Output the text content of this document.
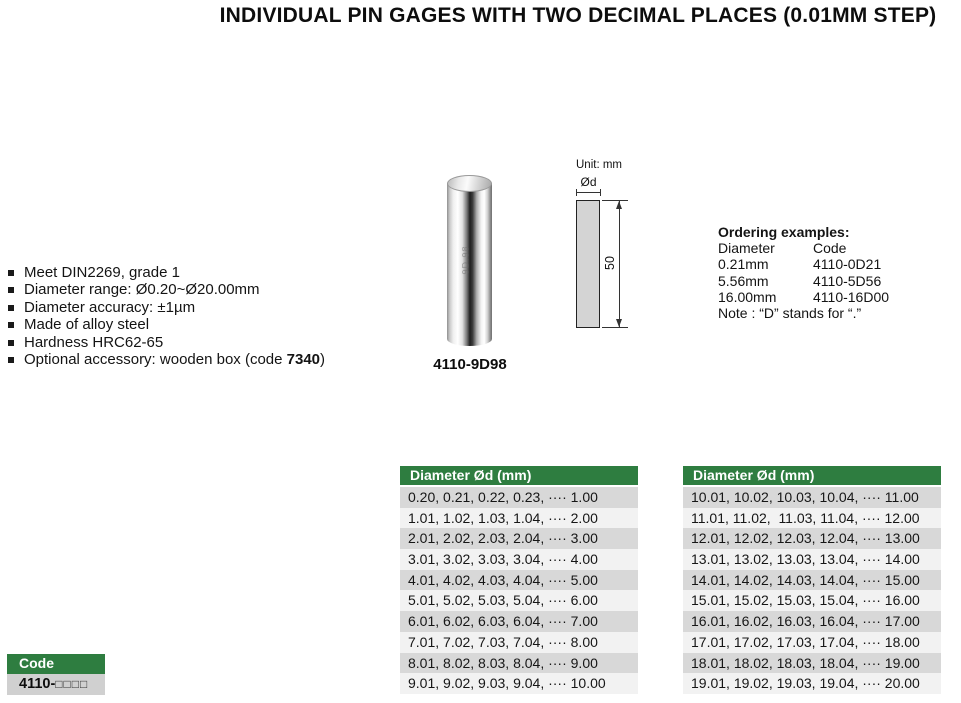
INDIVIDUAL PIN GAGES WITH TWO DECIMAL PLACES (0.01MM STEP)
Meet DIN2269, grade 1
Diameter range: Ø0.20~Ø20.00mm
Diameter accuracy: ±1µm
Made of alloy steel
Hardness HRC62-65
Optional accessory: wooden box (code 7340)
9D.98
4110-9D98
Unit: mm
Ød
50
Ordering examples:
Diameter	Code
0.21mm	4110-0D21
5.56mm	4110-5D56
16.00mm	4110-16D00
Note : “D” stands for “.”
Diameter Ød (mm)
0.20, 0.21, 0.22, 0.23, ···· 1.00
1.01, 1.02, 1.03, 1.04, ···· 2.00
2.01, 2.02, 2.03, 2.04, ···· 3.00
3.01, 3.02, 3.03, 3.04, ···· 4.00
4.01, 4.02, 4.03, 4.04, ···· 5.00
5.01, 5.02, 5.03, 5.04, ···· 6.00
6.01, 6.02, 6.03, 6.04, ···· 7.00
7.01, 7.02, 7.03, 7.04, ···· 8.00
8.01, 8.02, 8.03, 8.04, ···· 9.00
9.01, 9.02, 9.03, 9.04, ···· 10.00
Diameter Ød (mm)
10.01, 10.02, 10.03, 10.04, ···· 11.00
11.01, 11.02,  11.03, 11.04, ···· 12.00
12.01, 12.02, 12.03, 12.04, ···· 13.00
13.01, 13.02, 13.03, 13.04, ···· 14.00
14.01, 14.02, 14.03, 14.04, ···· 15.00
15.01, 15.02, 15.03, 15.04, ···· 16.00
16.01, 16.02, 16.03, 16.04, ···· 17.00
17.01, 17.02, 17.03, 17.04, ···· 18.00
18.01, 18.02, 18.03, 18.04, ···· 19.00
19.01, 19.02, 19.03, 19.04, ···· 20.00
Code
4110-□□□□
